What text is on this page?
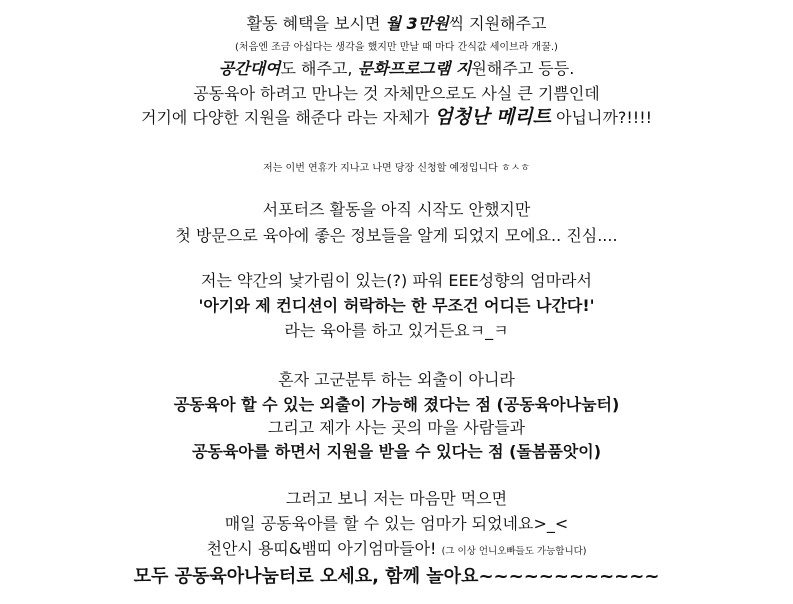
활동 혜택을 보시면 월 3만원씩 지원해주고
(처음엔 조금 아십다는 생각을 했지만 만날 때 마다 간식값 세이브라 개꿀.)
공간대여도 해주고, 문화프로그램 지원해주고 등등.
공동육아 하려고 만나는 것 자체만으로도 사실 큰 기쁨인데
거기에 다양한 지원을 해준다 라는 자체가 엄청난 메리트 아닙니까?!!!!
저는 이번 연휴가 지나고 나면 당장 신청할 예정입니다 ㅎㅅㅎ
서포터즈 활동을 아직 시작도 안했지만
첫 방문으로 육아에 좋은 정보들을 알게 되었지 모에요.. 진심....
저는 약간의 낯가림이 있는(?) 파워 EEE성향의 엄마라서
'아기와 제 컨디션이 허락하는 한 무조건 어디든 나간다!'
라는 육아를 하고 있거든요ㅋ_ㅋ
혼자 고군분투 하는 외출이 아니라
공동육아 할 수 있는 외출이 가능해 졌다는 점 (공동육아나눔터)
그리고 제가 사는 곳의 마을 사람들과
공동육아를 하면서 지원을 받을 수 있다는 점 (돌봄품앗이)
그러고 보니 저는 마음만 먹으면
매일 공동육아를 할 수 있는 엄마가 되었네요>_<
천안시 용띠&뱀띠 아기엄마들아! (그 이상 언니오빠들도 가능합니다)
모두 공동육아나눔터로 오세요, 함께 놀아요~~~~~~~~~~~~
